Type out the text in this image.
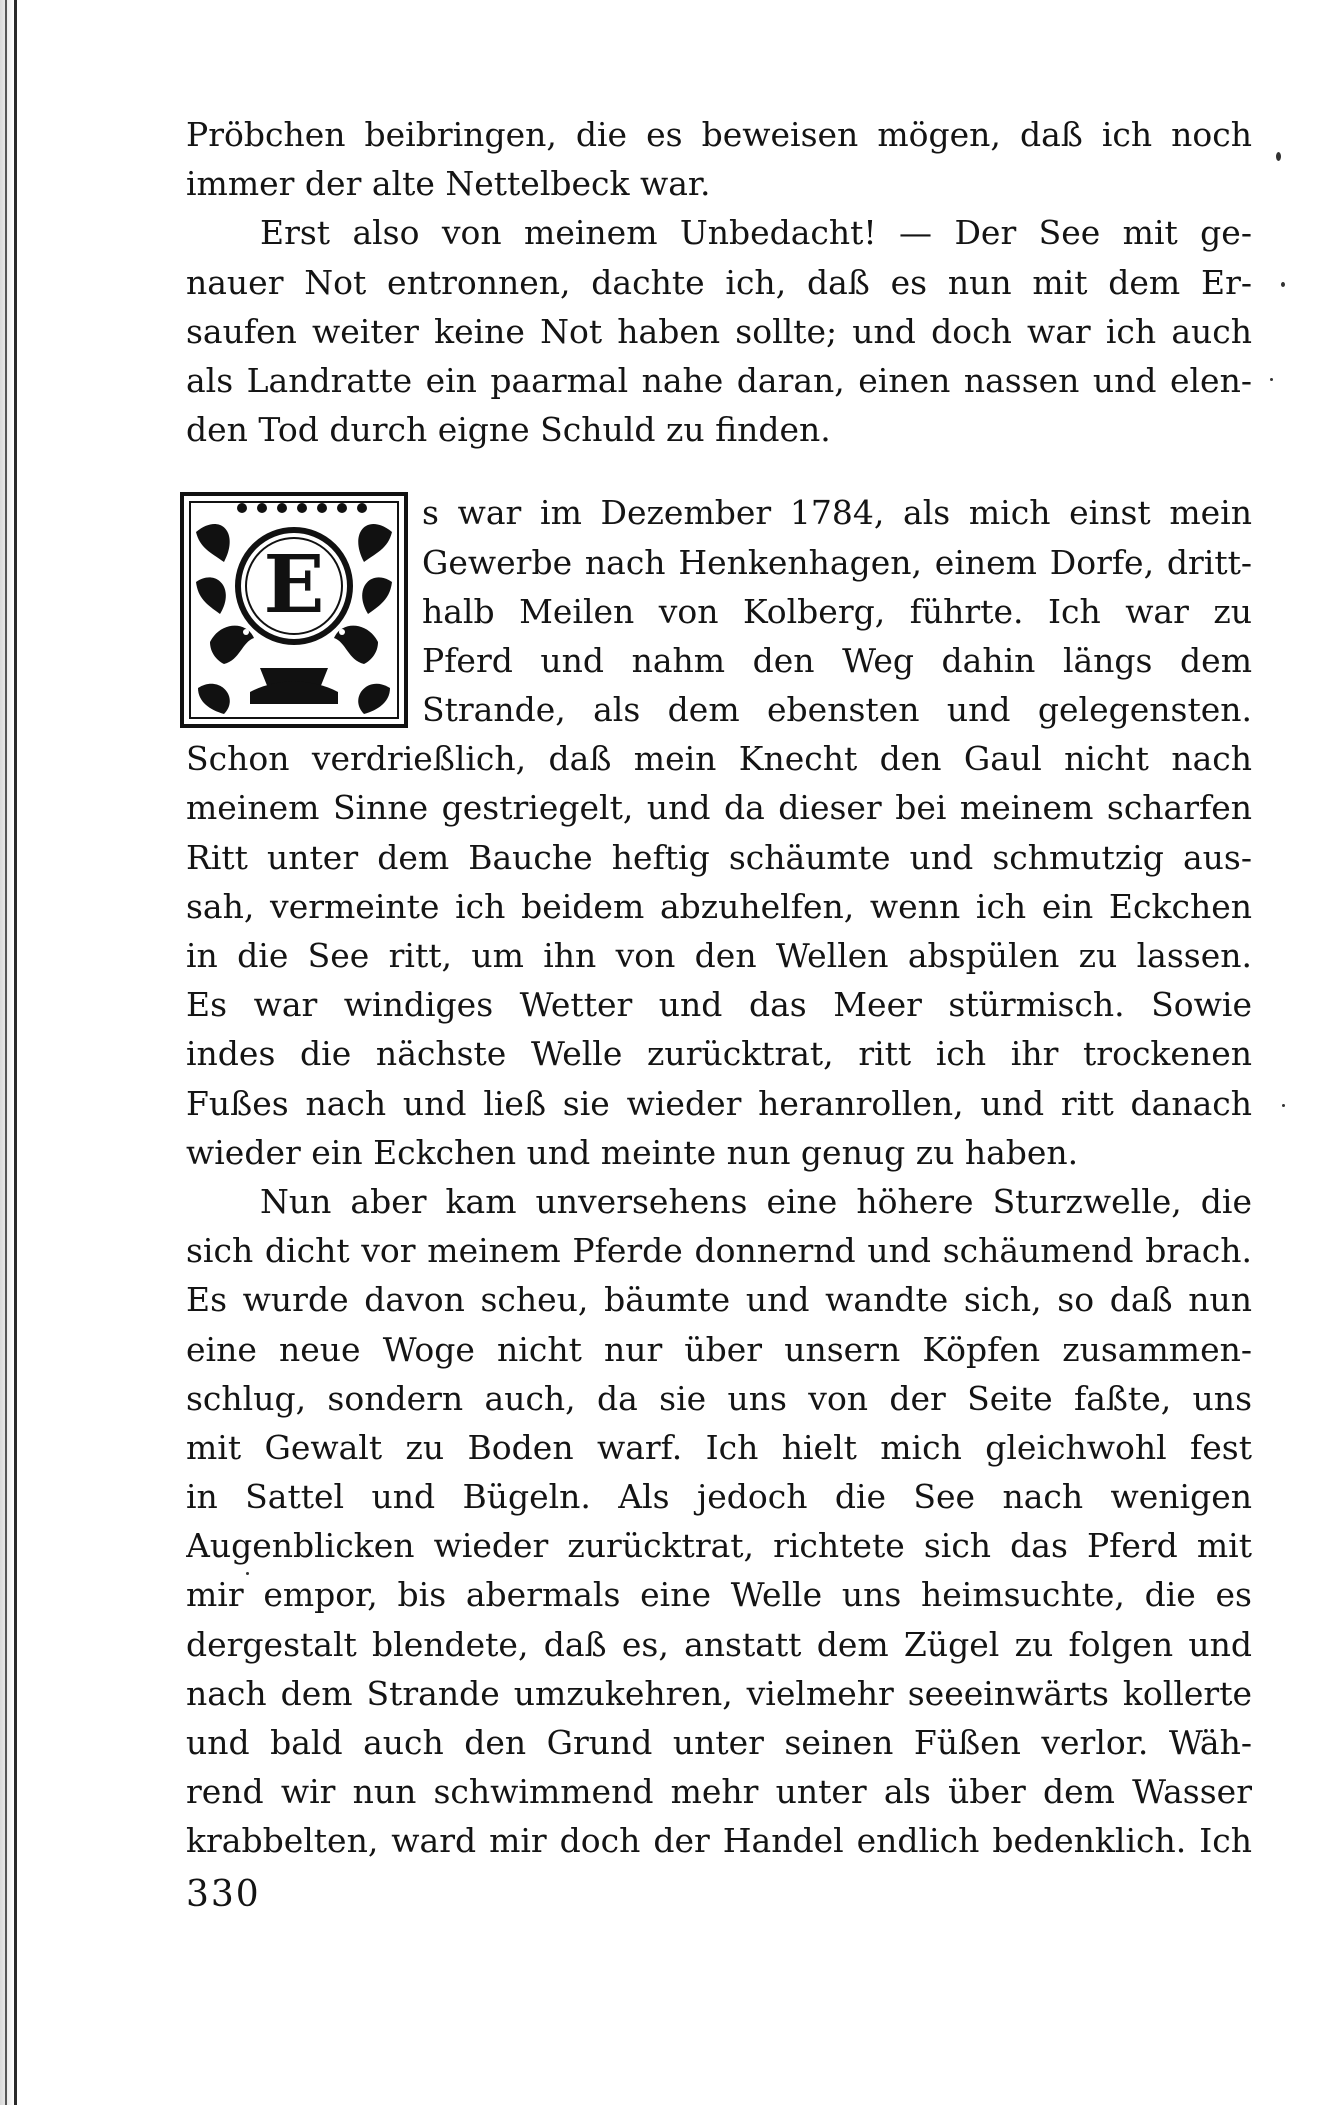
Pröbchen beibringen, die es beweisen mögen, daß ich noch
immer der alte Nettelbeck war.
Erst also von meinem Unbedacht! — Der See mit ge-
nauer Not entronnen, dachte ich, daß es nun mit dem Er-
saufen weiter keine Not haben sollte; und doch war ich auch
als Landratte ein paarmal nahe daran, einen nassen und elen-
den Tod durch eigne Schuld zu finden.
E
s war im Dezember 1784, als mich einst mein
Gewerbe nach Henkenhagen, einem Dorfe, dritt-
halb Meilen von Kolberg, führte. Ich war zu
Pferd und nahm den Weg dahin längs dem
Strande, als dem ebensten und gelegensten.
Schon verdrießlich, daß mein Knecht den Gaul nicht nach
meinem Sinne gestriegelt, und da dieser bei meinem scharfen
Ritt unter dem Bauche heftig schäumte und schmutzig aus-
sah, vermeinte ich beidem abzuhelfen, wenn ich ein Eckchen
in die See ritt, um ihn von den Wellen abspülen zu lassen.
Es war windiges Wetter und das Meer stürmisch. Sowie
indes die nächste Welle zurücktrat, ritt ich ihr trockenen
Fußes nach und ließ sie wieder heranrollen, und ritt danach
wieder ein Eckchen und meinte nun genug zu haben.
Nun aber kam unversehens eine höhere Sturzwelle, die
sich dicht vor meinem Pferde donnernd und schäumend brach.
Es wurde davon scheu, bäumte und wandte sich, so daß nun
eine neue Woge nicht nur über unsern Köpfen zusammen-
schlug, sondern auch, da sie uns von der Seite faßte, uns
mit Gewalt zu Boden warf. Ich hielt mich gleichwohl fest
in Sattel und Bügeln. Als jedoch die See nach wenigen
Augenblicken wieder zurücktrat, richtete sich das Pferd mit
mir empor, bis abermals eine Welle uns heimsuchte, die es
dergestalt blendete, daß es, anstatt dem Zügel zu folgen und
nach dem Strande umzukehren, vielmehr seeeinwärts kollerte
und bald auch den Grund unter seinen Füßen verlor. Wäh-
rend wir nun schwimmend mehr unter als über dem Wasser
krabbelten, ward mir doch der Handel endlich bedenklich. Ich
330
